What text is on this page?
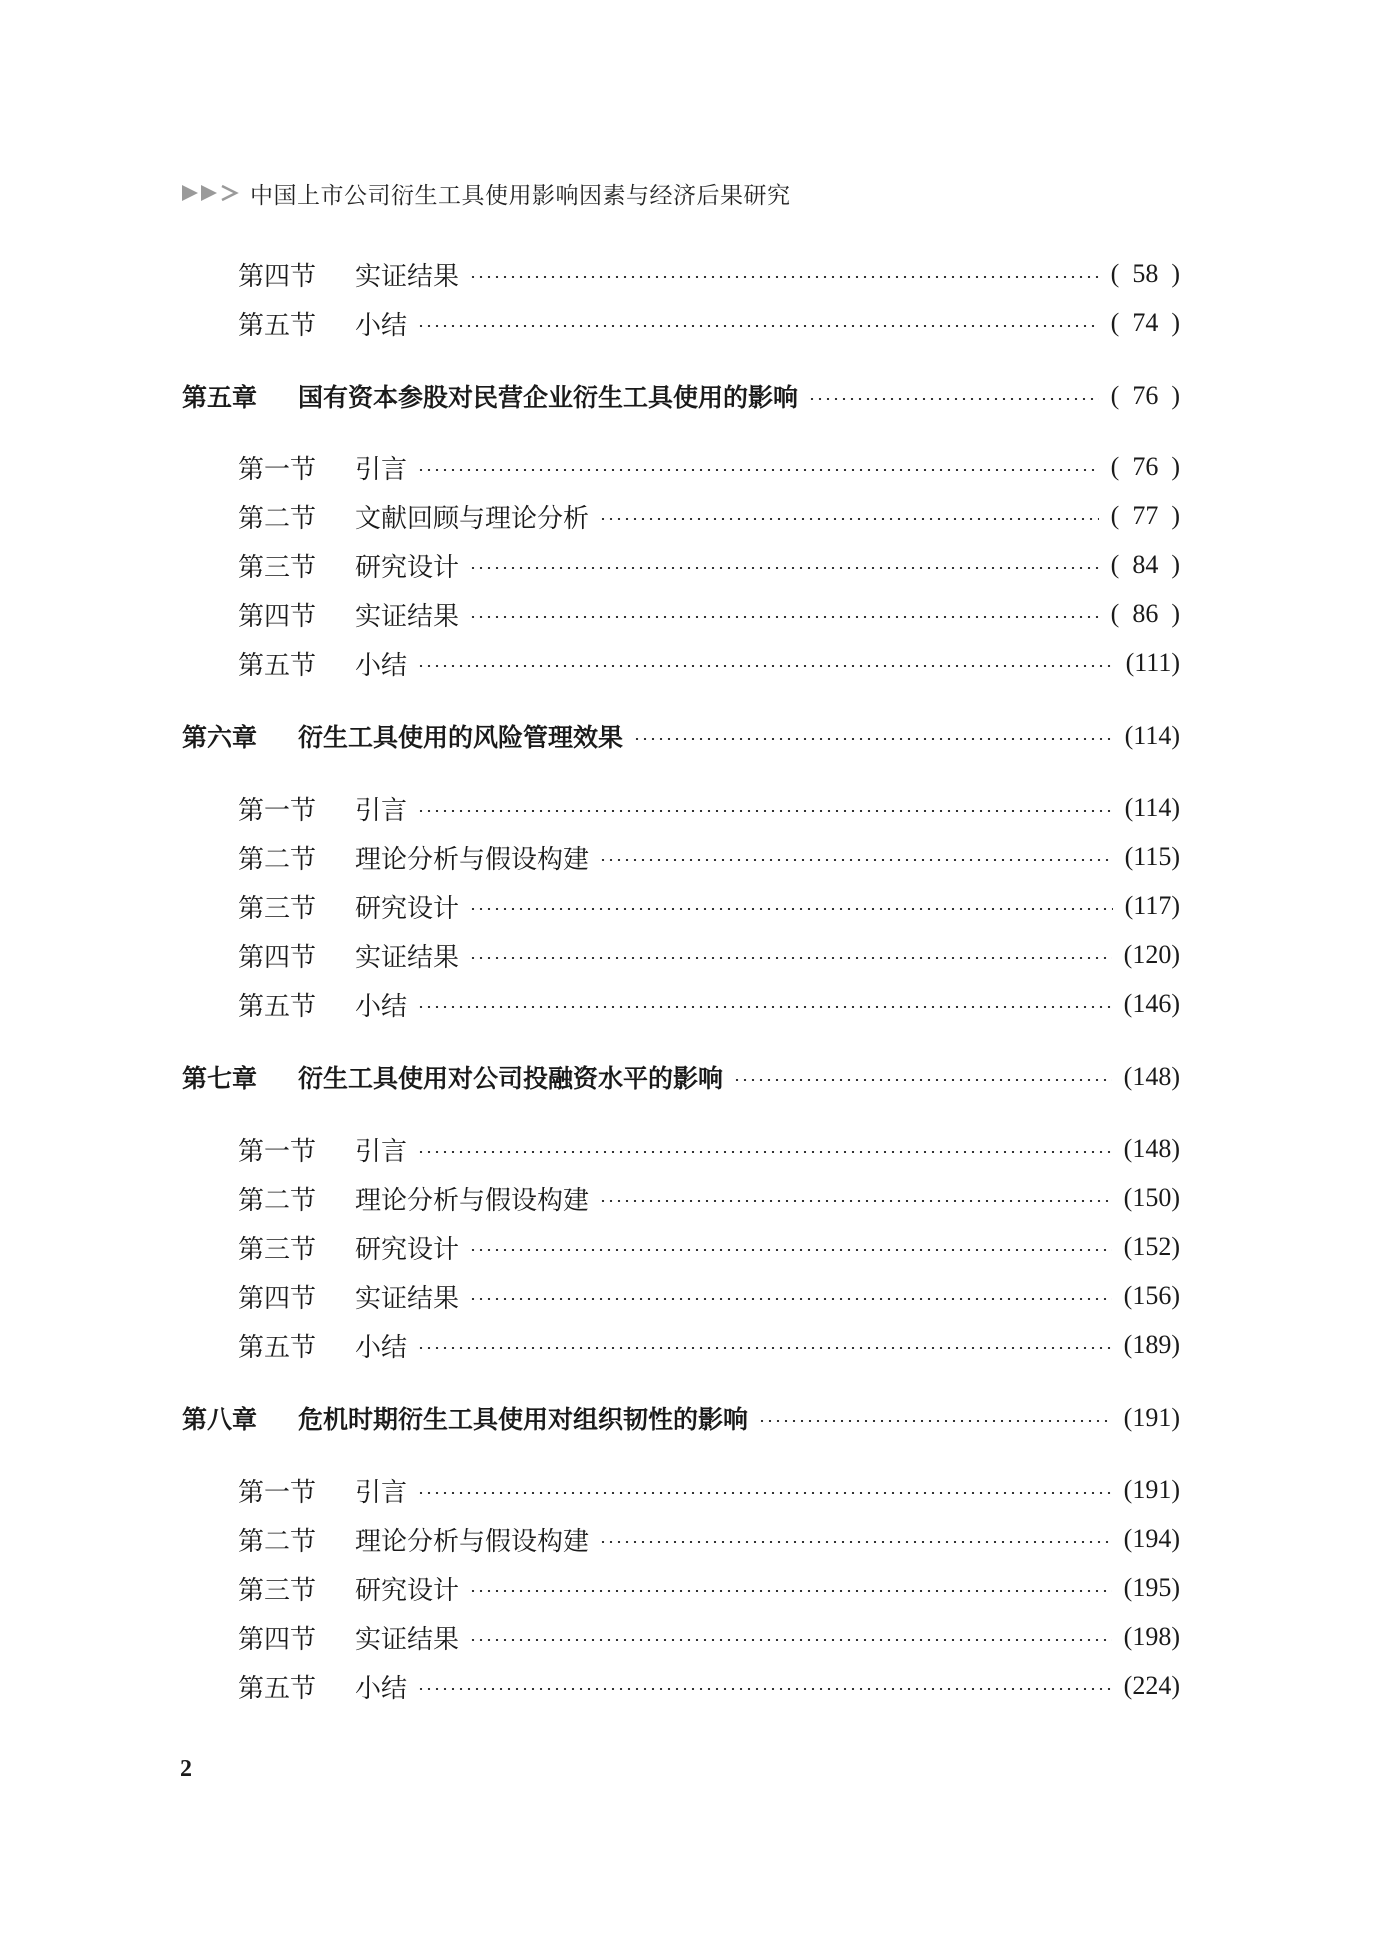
中国上市公司衍生工具使用影响因素与经济后果研究
第四节	实证结果	(  58  )
第五节	小结	(  74  )
第五章	国有资本参股对民营企业衍生工具使用的影响	(  76  )
第一节	引言	(  76  )
第二节	文献回顾与理论分析	(  77  )
第三节	研究设计	(  84  )
第四节	实证结果	(  86  )
第五节	小结	(111)
第六章	衍生工具使用的风险管理效果	(114)
第一节	引言	(114)
第二节	理论分析与假设构建	(115)
第三节	研究设计	(117)
第四节	实证结果	(120)
第五节	小结	(146)
第七章	衍生工具使用对公司投融资水平的影响	(148)
第一节	引言	(148)
第二节	理论分析与假设构建	(150)
第三节	研究设计	(152)
第四节	实证结果	(156)
第五节	小结	(189)
第八章	危机时期衍生工具使用对组织韧性的影响	(191)
第一节	引言	(191)
第二节	理论分析与假设构建	(194)
第三节	研究设计	(195)
第四节	实证结果	(198)
第五节	小结	(224)
2
